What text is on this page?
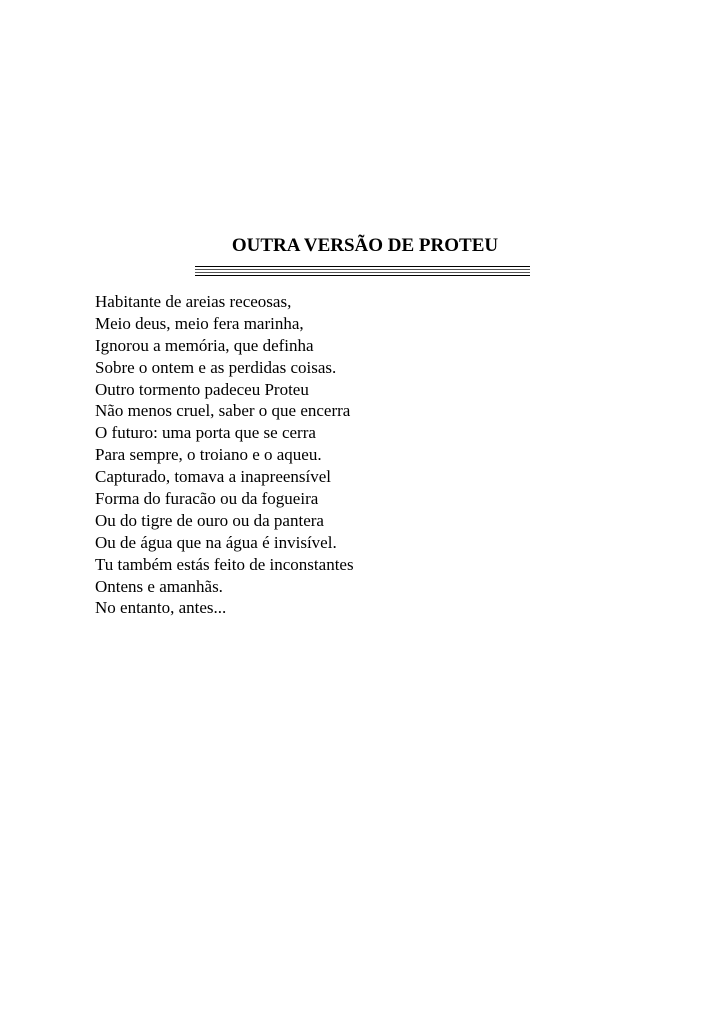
OUTRA VERSÃO DE PROTEU
Habitante de areias receosas,
Meio deus, meio fera marinha,
Ignorou a memória, que definha
Sobre o ontem e as perdidas coisas.
Outro tormento padeceu Proteu
Não menos cruel, saber o que encerra
O futuro: uma porta que se cerra
Para sempre, o troiano e o aqueu.
Capturado, tomava a inapreensível
Forma do furacão ou da fogueira
Ou do tigre de ouro ou da pantera
Ou de água que na água é invisível.
Tu também estás feito de inconstantes
Ontens e amanhãs.
No entanto, antes...
